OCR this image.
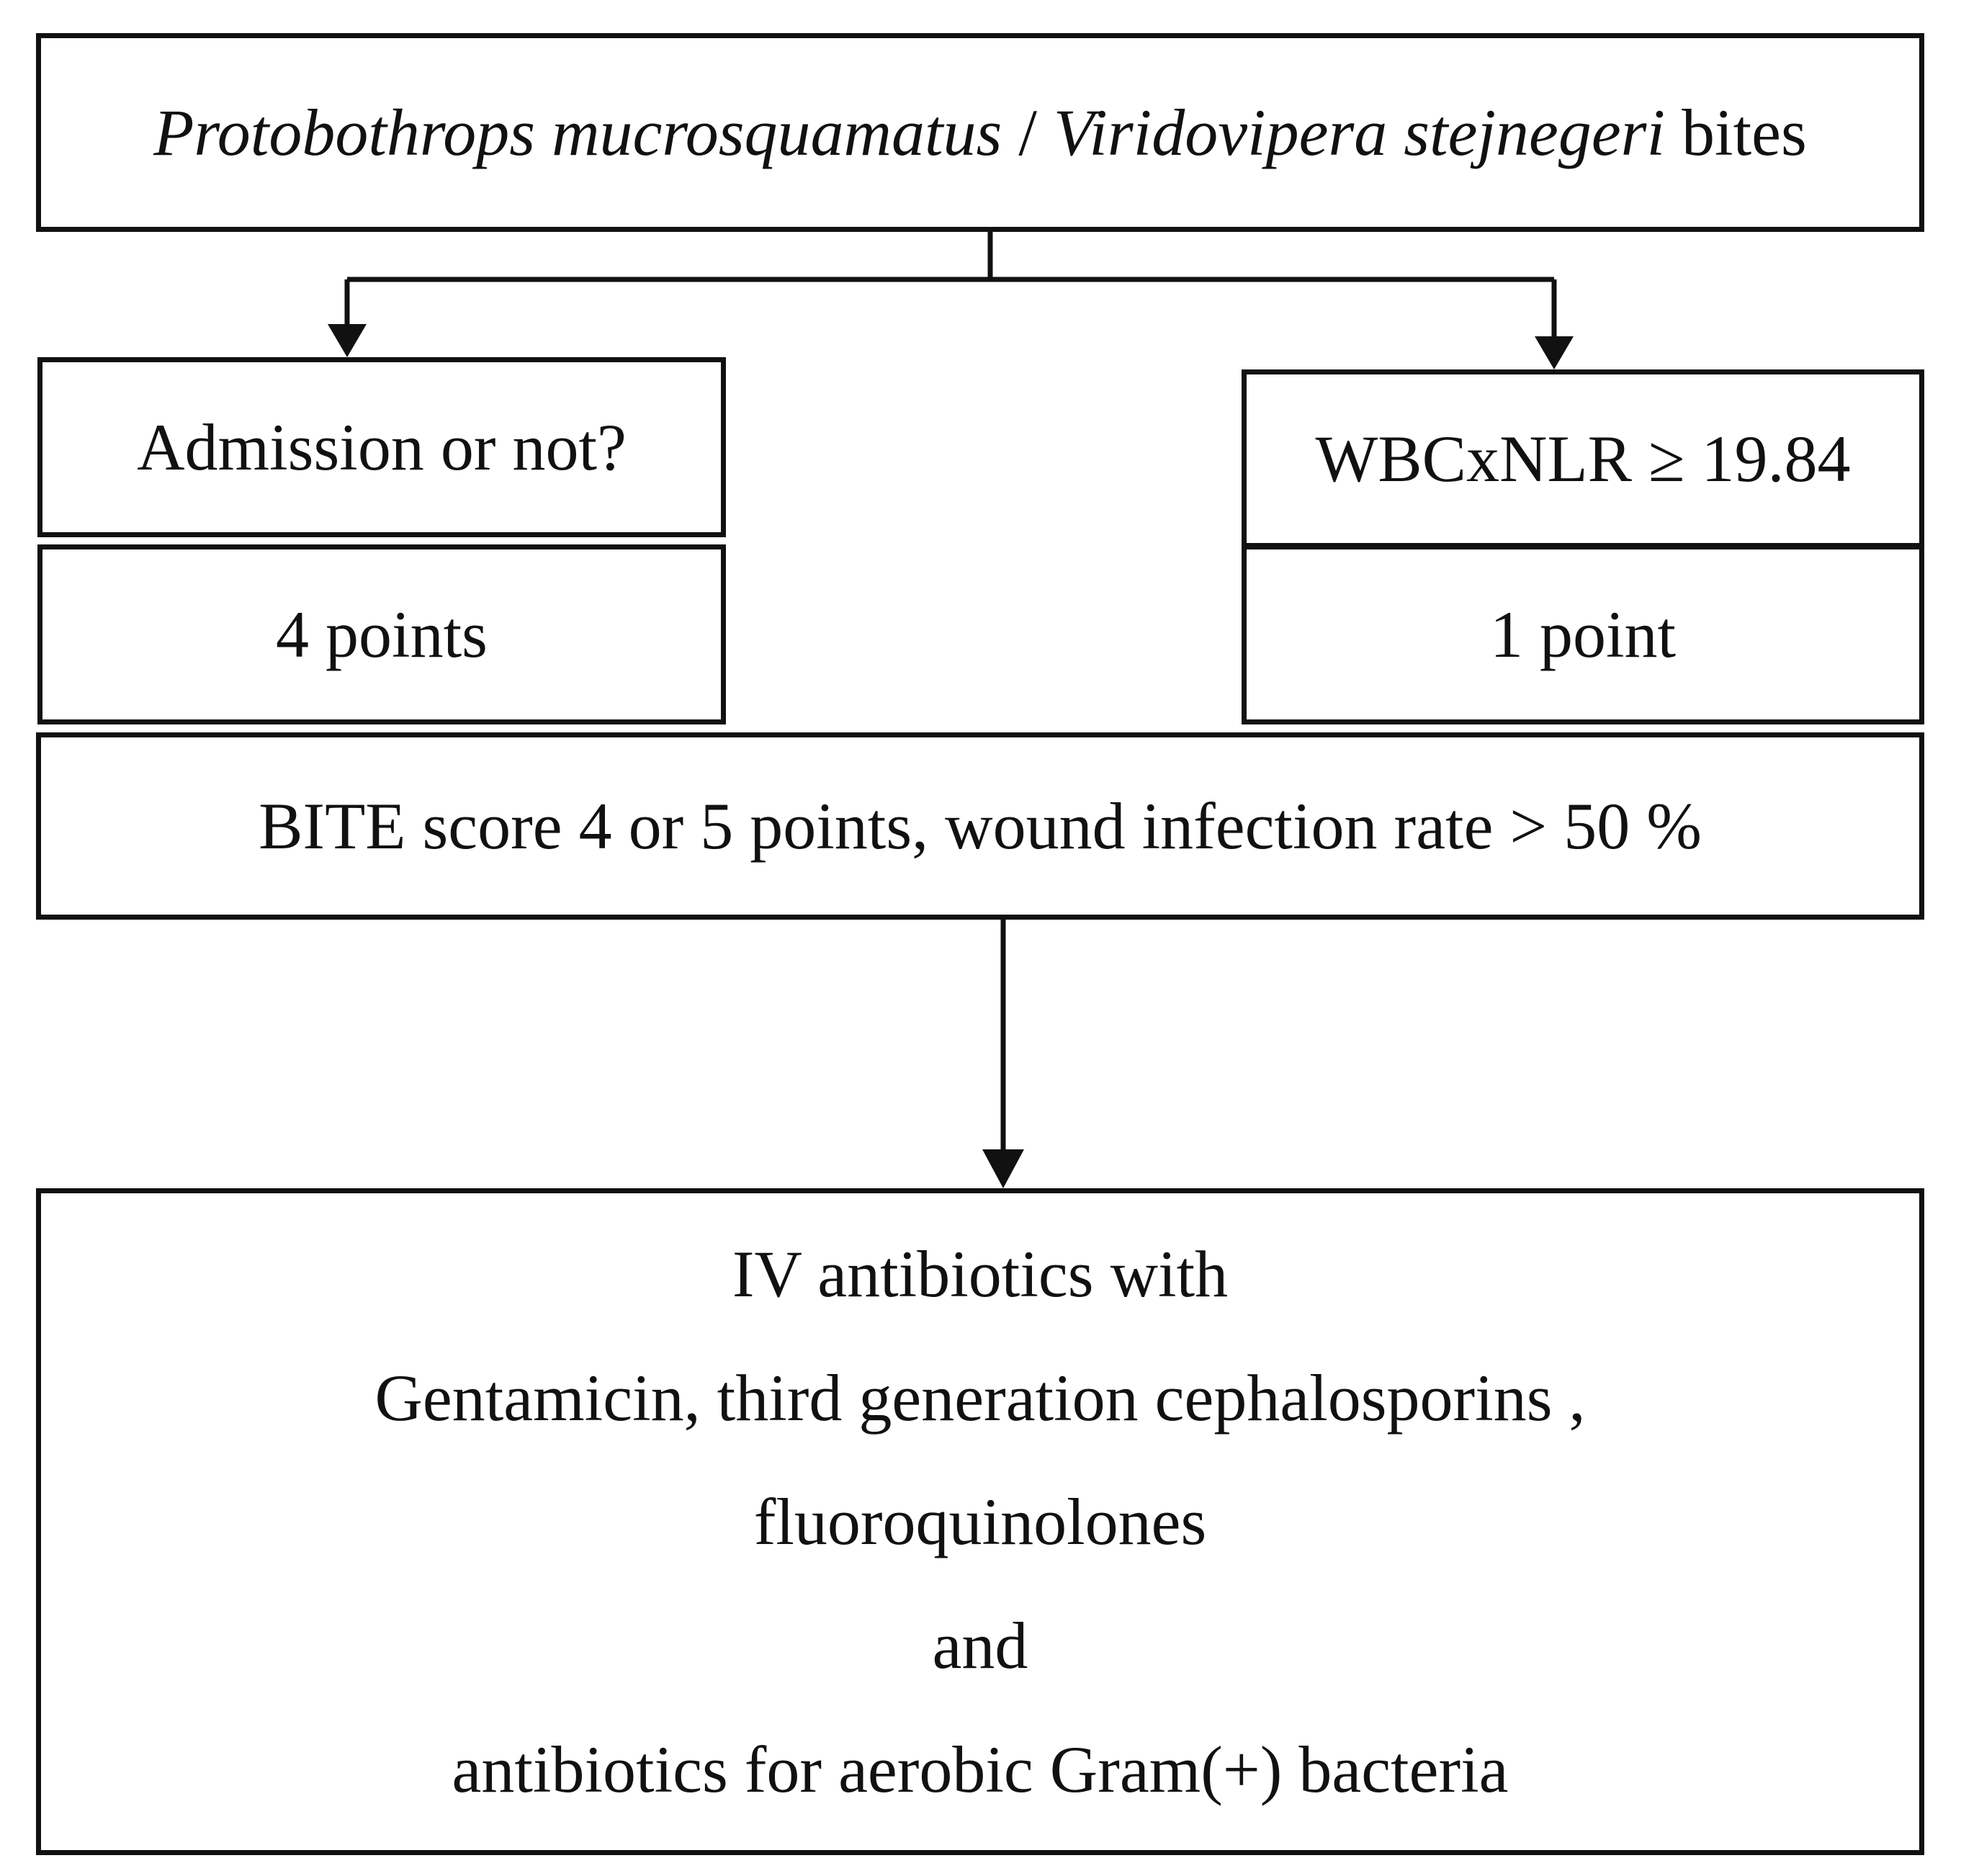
Protobothrops mucrosquamatus / Viridovipera stejnegeri bites
Admission or not?
4 points
WBCxNLR ≥ 19.84
1 point
BITE score 4 or 5 points, wound infection rate > 50 %
IV antibiotics with
Gentamicin, third generation cephalosporins ,
fluoroquinolones
and
antibiotics for aerobic Gram(+) bacteria
